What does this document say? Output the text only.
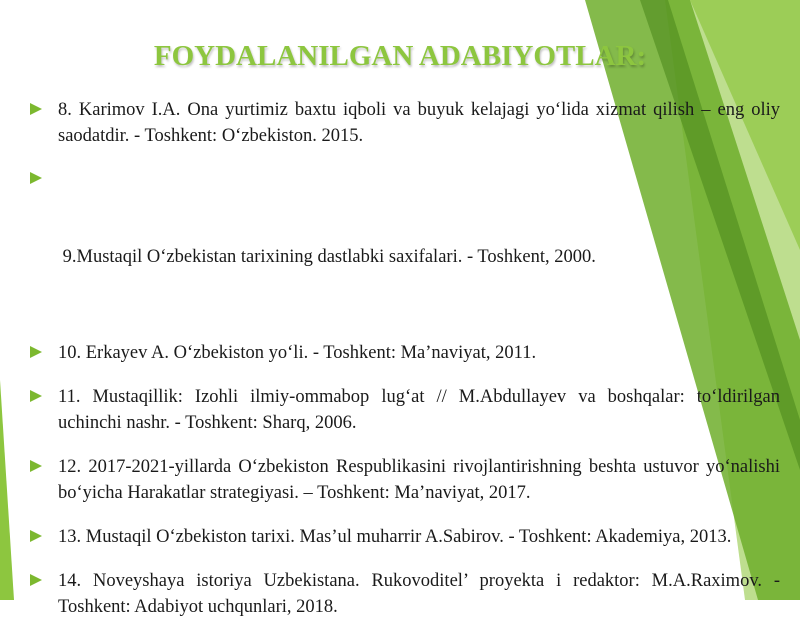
FOYDALANILGAN ADABIYOTLAR:
8. Karimov I.A. Ona yurtimiz baxtu iqboli va buyuk kelajagi yo‘lida xizmat qilish – eng oliy saodatdir. - Toshkent: O‘zbekiston. 2015.

9.Mustaqil O‘zbekistan tarixining dastlabki saxifalari. - Toshkent, 2000.

10. Erkayev A. O‘zbekiston yo‘li. - Toshkent: Ma’naviyat, 2011.
11. Mustaqillik: Izohli ilmiy-ommabop lug‘at // M.Abdullayev va boshqalar: to‘ldirilgan uchinchi nashr. - Toshkent: Sharq, 2006.
12. 2017-2021-yillarda O‘zbekiston Respublikasini rivojlantirishning beshta ustuvor yo‘nalishi bo‘yicha Harakatlar strategiyasi. – Toshkent: Ma’naviyat, 2017.
13. Mustaqil O‘zbekiston tarixi. Mas’ul muharrir A.Sabirov. - Toshkent: Akademiya, 2013.
14. Noveyshaya istoriya Uzbekistana. Rukovoditel’ proyekta i redaktor: M.A.Raximov. - Toshkent: Adabiyot uchqunlari, 2018.
